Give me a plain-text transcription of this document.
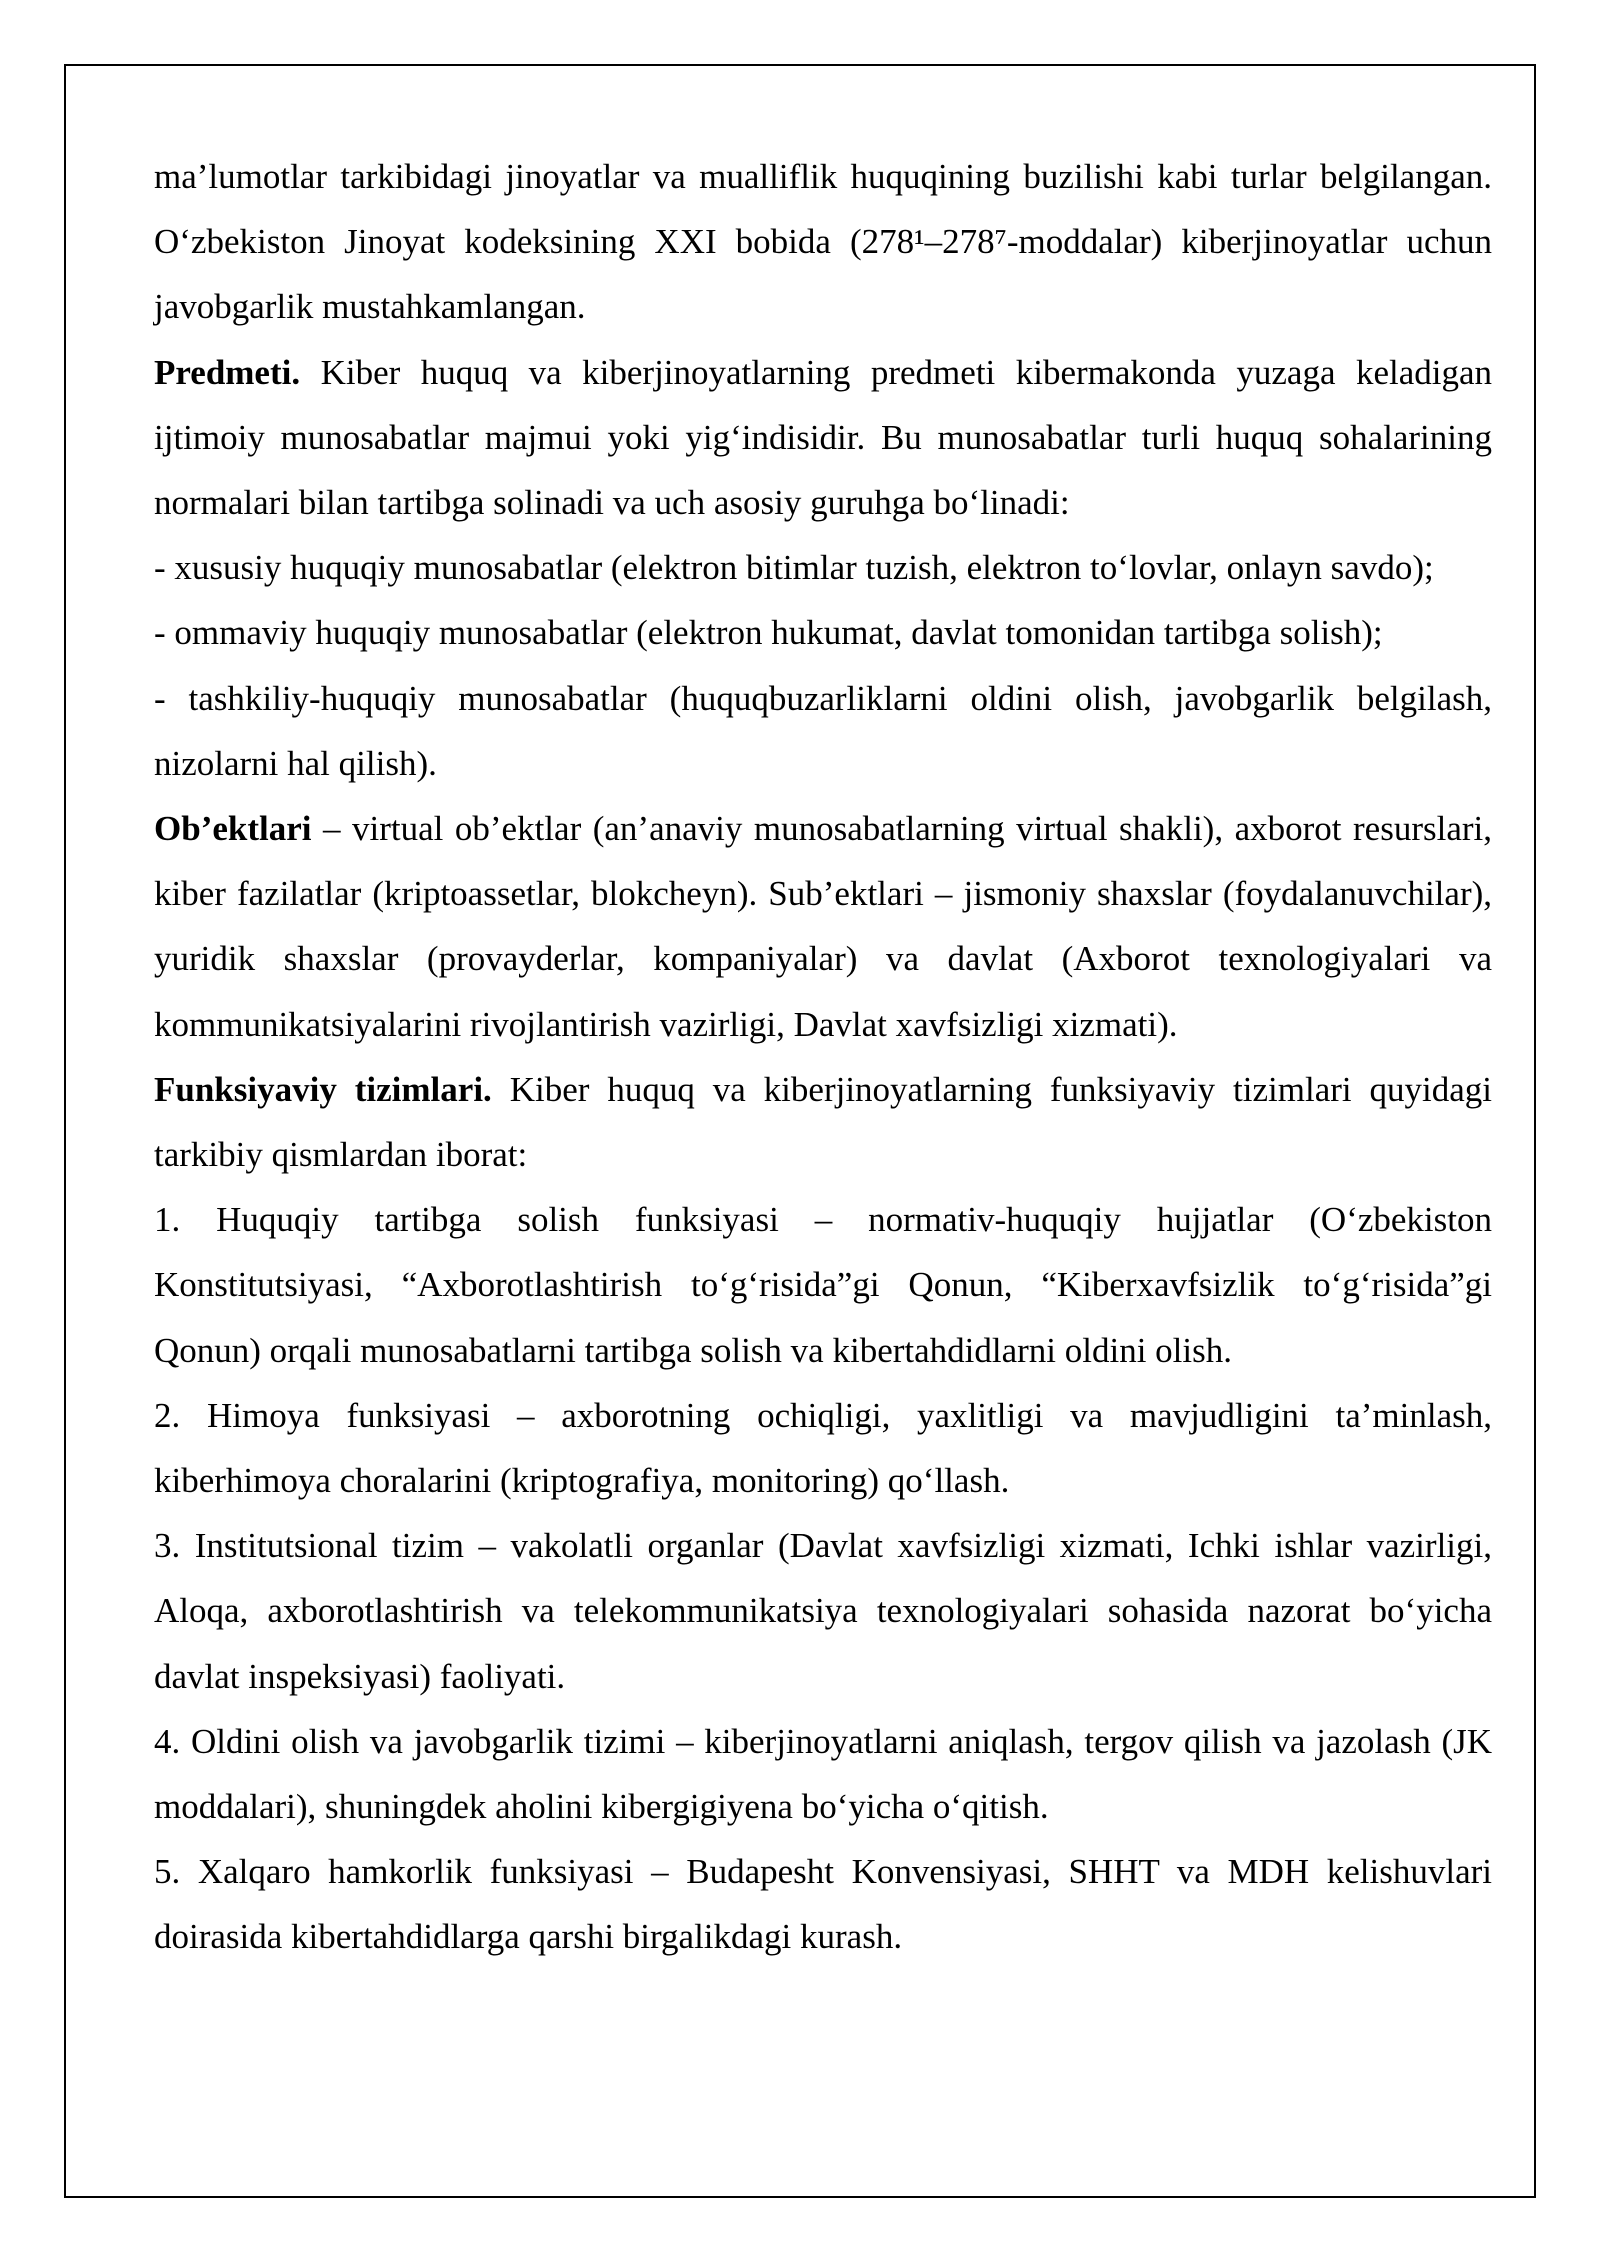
ma’lumotlar tarkibidagi jinoyatlar va mualliflik huquqining buzilishi kabi turlar belgilangan. O‘zbekiston Jinoyat kodeksining XXI bobida (278¹–278⁷-moddalar) kiberjinoyatlar uchun javobgarlik mustahkamlangan.

Predmeti. Kiber huquq va kiberjinoyatlarning predmeti kibermakonda yuzaga keladigan ijtimoiy munosabatlar majmui yoki yig‘indisidir. Bu munosabatlar turli huquq sohalarining normalari bilan tartibga solinadi va uch asosiy guruhga bo‘linadi:

- xususiy huquqiy munosabatlar (elektron bitimlar tuzish, elektron to‘lovlar, onlayn savdo);

- ommaviy huquqiy munosabatlar (elektron hukumat, davlat tomonidan tartibga solish);

- tashkiliy-huquqiy munosabatlar (huquqbuzarliklarni oldini olish, javobgarlik belgilash, nizolarni hal qilish).

Ob’ektlari – virtual ob’ektlar (an’anaviy munosabatlarning virtual shakli), axborot resurslari, kiber fazilatlar (kriptoassetlar, blokcheyn). Sub’ektlari – jismoniy shaxslar (foydalanuvchilar), yuridik shaxslar (provayderlar, kompaniyalar) va davlat (Axborot texnologiyalari va kommunikatsiyalarini rivojlantirish vazirligi, Davlat xavfsizligi xizmati).

Funksiyaviy tizimlari. Kiber huquq va kiberjinoyatlarning funksiyaviy tizimlari quyidagi tarkibiy qismlardan iborat:

1. Huquqiy tartibga solish funksiyasi – normativ-huquqiy hujjatlar (O‘zbekiston Konstitutsiyasi, “Axborotlashtirish to‘g‘risida”gi Qonun, “Kiberxavfsizlik to‘g‘risida”gi Qonun) orqali munosabatlarni tartibga solish va kibertahdidlarni oldini olish.

2. Himoya funksiyasi – axborotning ochiqligi, yaxlitligi va mavjudligini ta’minlash, kiberhimoya choralarini (kriptografiya, monitoring) qo‘llash.

3. Institutsional tizim – vakolatli organlar (Davlat xavfsizligi xizmati, Ichki ishlar vazirligi, Aloqa, axborotlashtirish va telekommunikatsiya texnologiyalari sohasida nazorat bo‘yicha davlat inspeksiyasi) faoliyati.

4. Oldini olish va javobgarlik tizimi – kiberjinoyatlarni aniqlash, tergov qilish va jazolash (JK moddalari), shuningdek aholini kibergigiyena bo‘yicha o‘qitish.

5. Xalqaro hamkorlik funksiyasi – Budapesht Konvensiyasi, SHHT va MDH kelishuvlari doirasida kibertahdidlarga qarshi birgalikdagi kurash.
